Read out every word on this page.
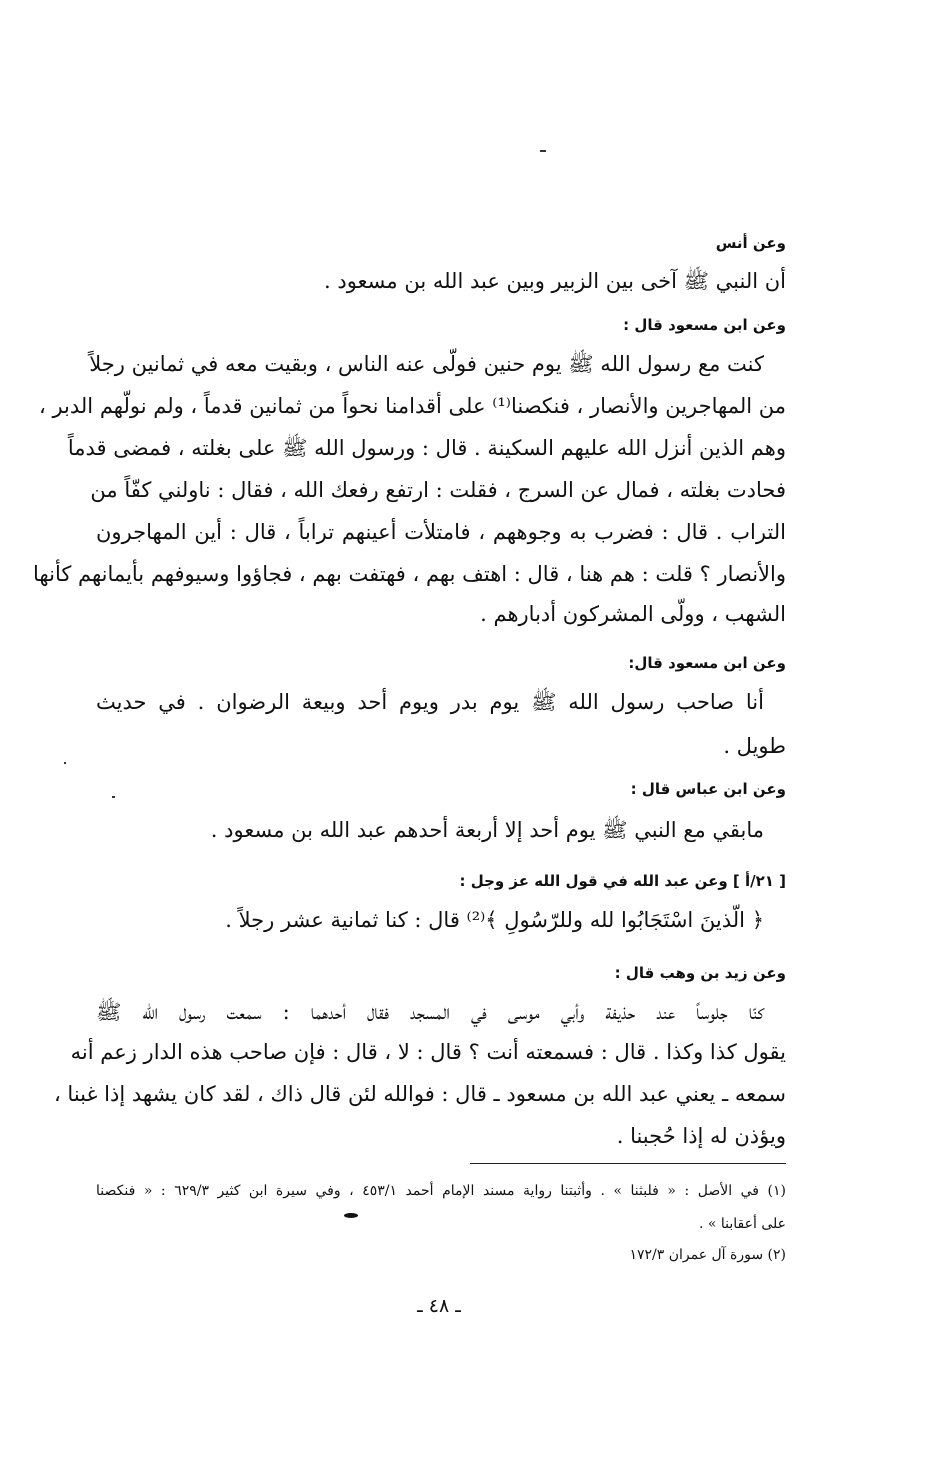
وعن أنس
أن النبي ﷺ آخى بين الزبير وبين عبد الله بن مسعود .
وعن ابن مسعود قال :
كنت مع رسول الله ﷺ يوم حنين فولّى عنه الناس ، وبقيت معه في ثمانين رجلاً
من المهاجرين والأنصار ، فنكصنا⁽¹⁾ على أقدامنا نحواً من ثمانين قدماً ، ولم نولّهم الدبر ،
وهم الذين أنزل الله عليهم السكينة . قال : ورسول الله ﷺ على بغلته ، فمضى قدماً
فحادت بغلته ، فمال عن السرج ، فقلت : ارتفع رفعك الله ، فقال : ناولني كفّاً من
التراب . قال : فضرب به وجوههم ، فامتلأت أعينهم تراباً ، قال : أين المهاجرون
والأنصار ؟ قلت : هم هنا ، قال : اهتف بهم ، فهتفت بهم ، فجاؤوا وسيوفهم بأيمانهم كأنها
الشهب ، وولّى المشركون أدبارهم .
وعن ابن مسعود قال:
أنا صاحب رسول الله ﷺ يوم بدر ويوم أحد وبيعة الرضوان . في حديث
طويل .
وعن ابن عباس قال :
مابقي مع النبي ﷺ يوم أحد إلا أربعة أحدهم عبد الله بن مسعود .
[ ٢١/أ ] وعن عبد الله في قول الله عز وجل :
﴿ الّذينَ اسْتَجَابُوا لله وللرّسُولِ ﴾⁽²⁾ قال : كنا ثمانية عشر رجلاً .
وعن زيد بن وهب قال :
كنّا جلوساً عند حذيفة وأبي موسى في المسجد فقال أحدهما : سمعت رسول الله ﷺ
يقول كذا وكذا . قال : فسمعته أنت ؟ قال : لا ، قال : فإن صاحب هذه الدار زعم أنه
سمعه ـ يعني عبد الله بن مسعود ـ قال : فوالله لئن قال ذاك ، لقد كان يشهد إذا غبنا ،
ويؤذن له إذا حُجبنا .
(١) في الأصل : « فلبثنا » . وأثبتنا رواية مسند الإمام أحمد ٤٥٣/١ ، وفي سيرة ابن كثير ٦٢٩/٣ : « فنكصنا
على أعقابنا » .
(٢) سورة آل عمران ١٧٢/٣
ـ ٤٨ ـ
